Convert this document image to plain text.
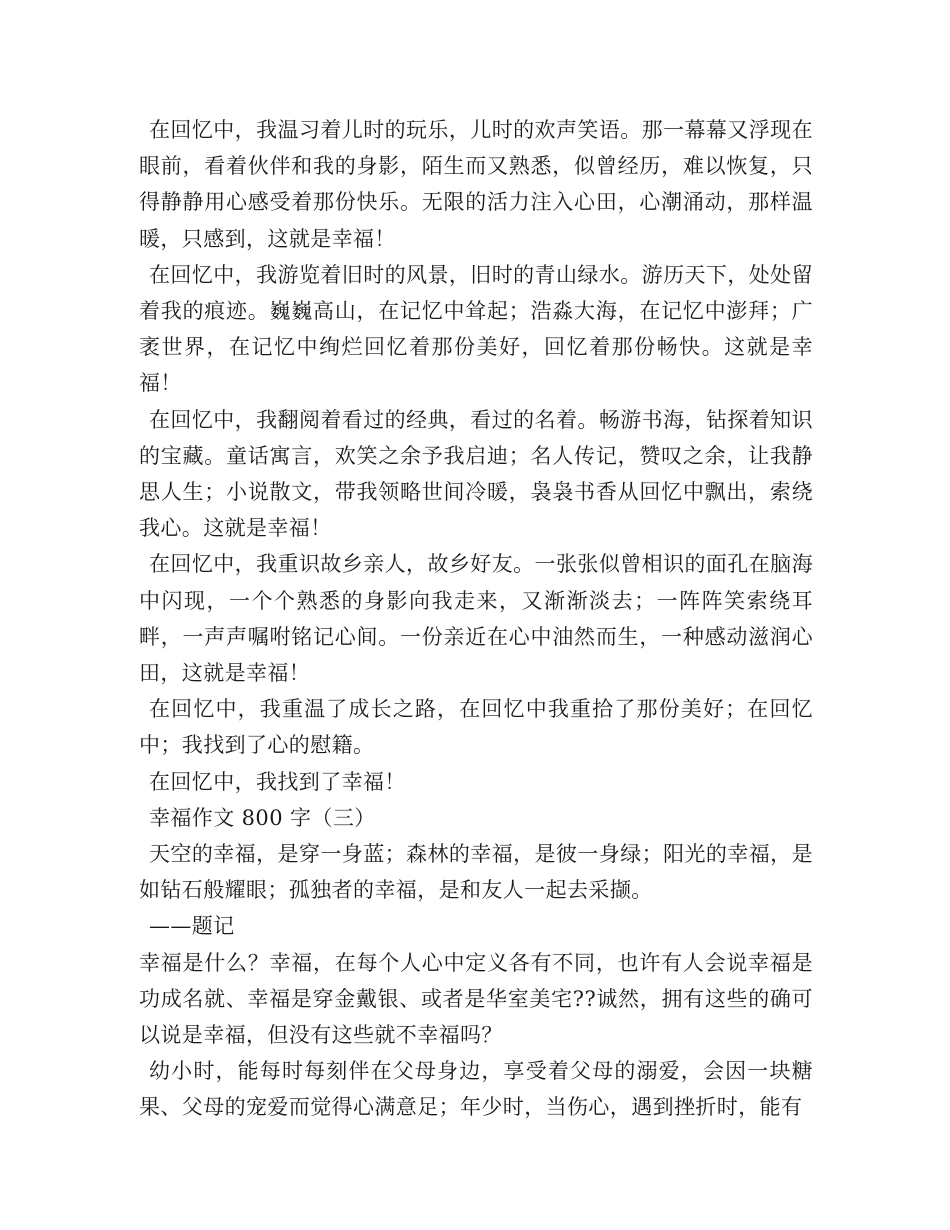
在回忆中，我温习着儿时的玩乐，儿时的欢声笑语。那一幕幕又浮现在眼前，看着伙伴和我的身影，陌生而又熟悉，似曾经历，难以恢复，只得静静用心感受着那份快乐。无限的活力注入心田，心潮涌动，那样温暖，只感到，这就是幸福！

在回忆中，我游览着旧时的风景，旧时的青山绿水。游历天下，处处留着我的痕迹。巍巍高山，在记忆中耸起；浩淼大海，在记忆中澎拜；广袤世界，在记忆中绚烂回忆着那份美好，回忆着那份畅快。这就是幸福！

在回忆中，我翻阅着看过的经典，看过的名着。畅游书海，钻探着知识的宝藏。童话寓言，欢笑之余予我启迪；名人传记，赞叹之余，让我静思人生；小说散文，带我领略世间冷暖，袅袅书香从回忆中飘出，索绕我心。这就是幸福！

在回忆中，我重识故乡亲人，故乡好友。一张张似曾相识的面孔在脑海中闪现，一个个熟悉的身影向我走来，又渐渐淡去；一阵阵笑索绕耳畔，一声声嘱咐铭记心间。一份亲近在心中油然而生，一种感动滋润心田，这就是幸福！

在回忆中，我重温了成长之路，在回忆中我重拾了那份美好；在回忆中；我找到了心的慰籍。

在回忆中，我找到了幸福！

幸福作文 800 字（三）

天空的幸福，是穿一身蓝；森林的幸福，是彼一身绿；阳光的幸福，是如钻石般耀眼；孤独者的幸福，是和友人一起去采撷。

——题记

幸福是什么？幸福，在每个人心中定义各有不同，也许有人会说幸福是功成名就、幸福是穿金戴银、或者是华室美宅??诚然，拥有这些的确可以说是幸福，但没有这些就不幸福吗？

幼小时，能每时每刻伴在父母身边，享受着父母的溺爱，会因一块糖果、父母的宠爱而觉得心满意足；年少时，当伤心，遇到挫折时，能有
